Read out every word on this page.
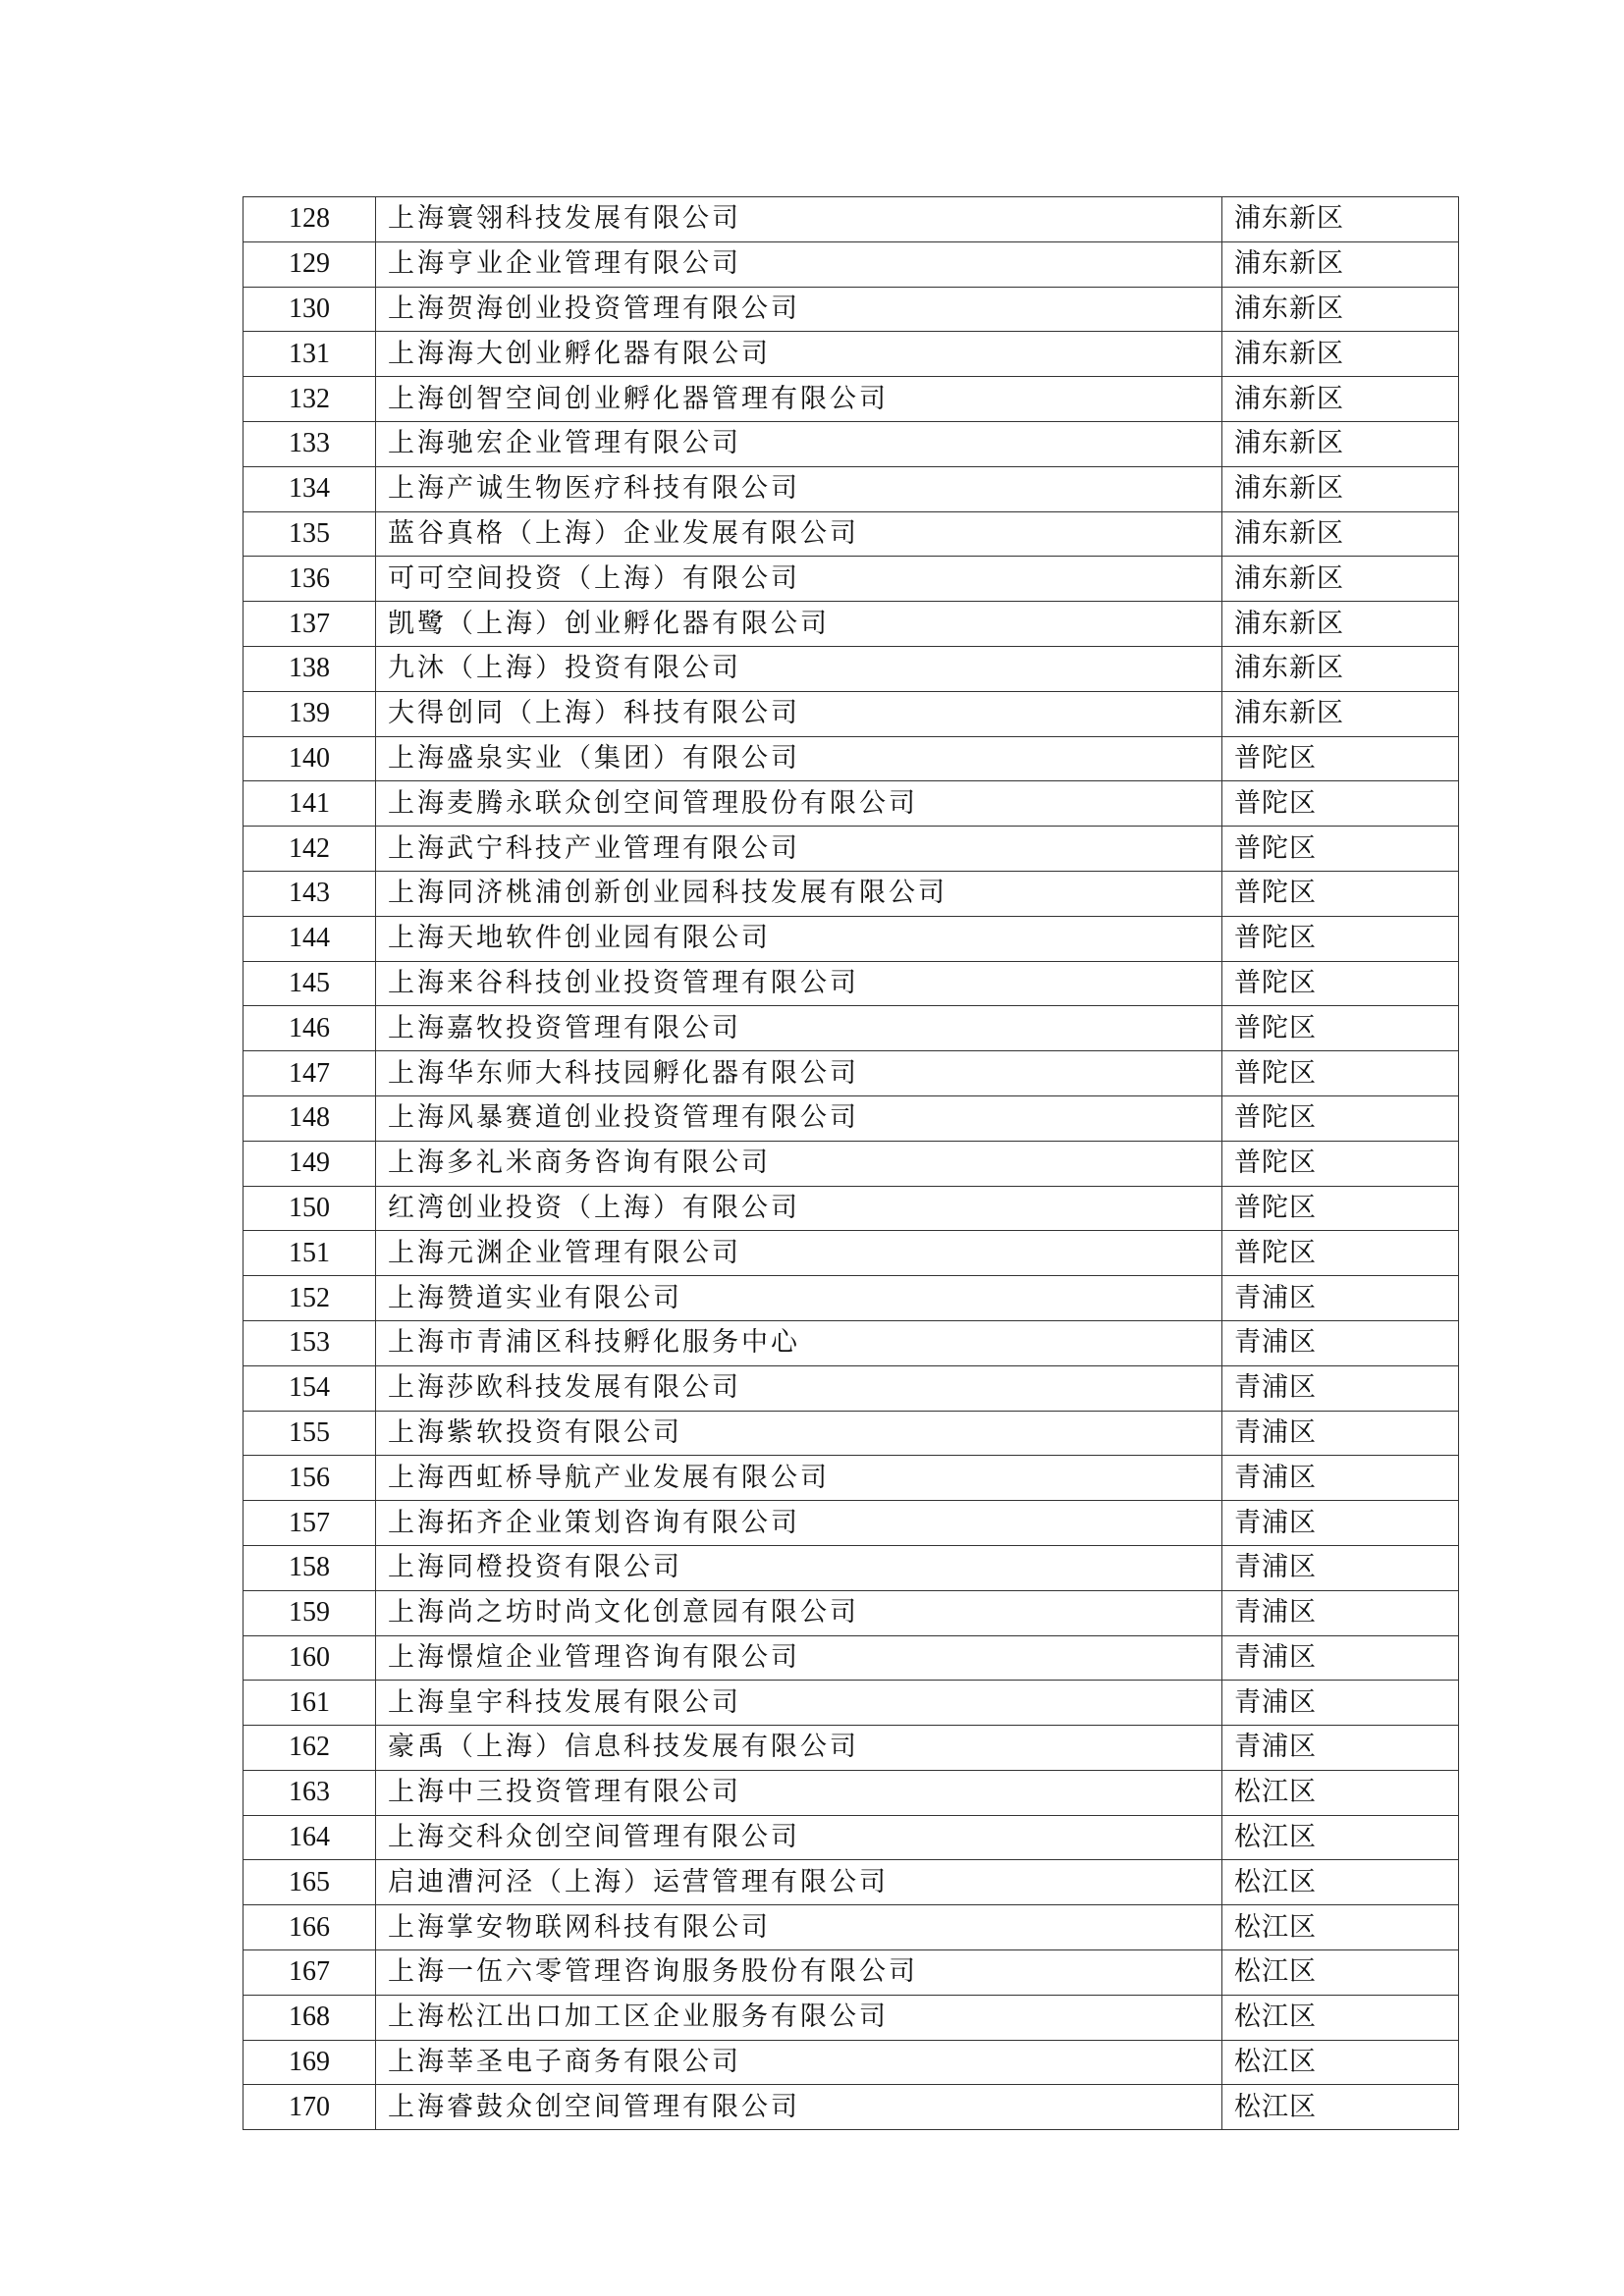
128	上海寰翎科技发展有限公司	浦东新区
129	上海亨业企业管理有限公司	浦东新区
130	上海贺海创业投资管理有限公司	浦东新区
131	上海海大创业孵化器有限公司	浦东新区
132	上海创智空间创业孵化器管理有限公司	浦东新区
133	上海驰宏企业管理有限公司	浦东新区
134	上海产诚生物医疗科技有限公司	浦东新区
135	蓝谷真格（上海）企业发展有限公司	浦东新区
136	可可空间投资（上海）有限公司	浦东新区
137	凯鹭（上海）创业孵化器有限公司	浦东新区
138	九沐（上海）投资有限公司	浦东新区
139	大得创同（上海）科技有限公司	浦东新区
140	上海盛泉实业（集团）有限公司	普陀区
141	上海麦腾永联众创空间管理股份有限公司	普陀区
142	上海武宁科技产业管理有限公司	普陀区
143	上海同济桃浦创新创业园科技发展有限公司	普陀区
144	上海天地软件创业园有限公司	普陀区
145	上海来谷科技创业投资管理有限公司	普陀区
146	上海嘉牧投资管理有限公司	普陀区
147	上海华东师大科技园孵化器有限公司	普陀区
148	上海风暴赛道创业投资管理有限公司	普陀区
149	上海多礼米商务咨询有限公司	普陀区
150	红湾创业投资（上海）有限公司	普陀区
151	上海元渊企业管理有限公司	普陀区
152	上海赞道实业有限公司	青浦区
153	上海市青浦区科技孵化服务中心	青浦区
154	上海莎欧科技发展有限公司	青浦区
155	上海紫软投资有限公司	青浦区
156	上海西虹桥导航产业发展有限公司	青浦区
157	上海拓齐企业策划咨询有限公司	青浦区
158	上海同橙投资有限公司	青浦区
159	上海尚之坊时尚文化创意园有限公司	青浦区
160	上海憬煊企业管理咨询有限公司	青浦区
161	上海皇宇科技发展有限公司	青浦区
162	豪禹（上海）信息科技发展有限公司	青浦区
163	上海中三投资管理有限公司	松江区
164	上海交科众创空间管理有限公司	松江区
165	启迪漕河泾（上海）运营管理有限公司	松江区
166	上海掌安物联网科技有限公司	松江区
167	上海一伍六零管理咨询服务股份有限公司	松江区
168	上海松江出口加工区企业服务有限公司	松江区
169	上海莘圣电子商务有限公司	松江区
170	上海睿鼓众创空间管理有限公司	松江区
